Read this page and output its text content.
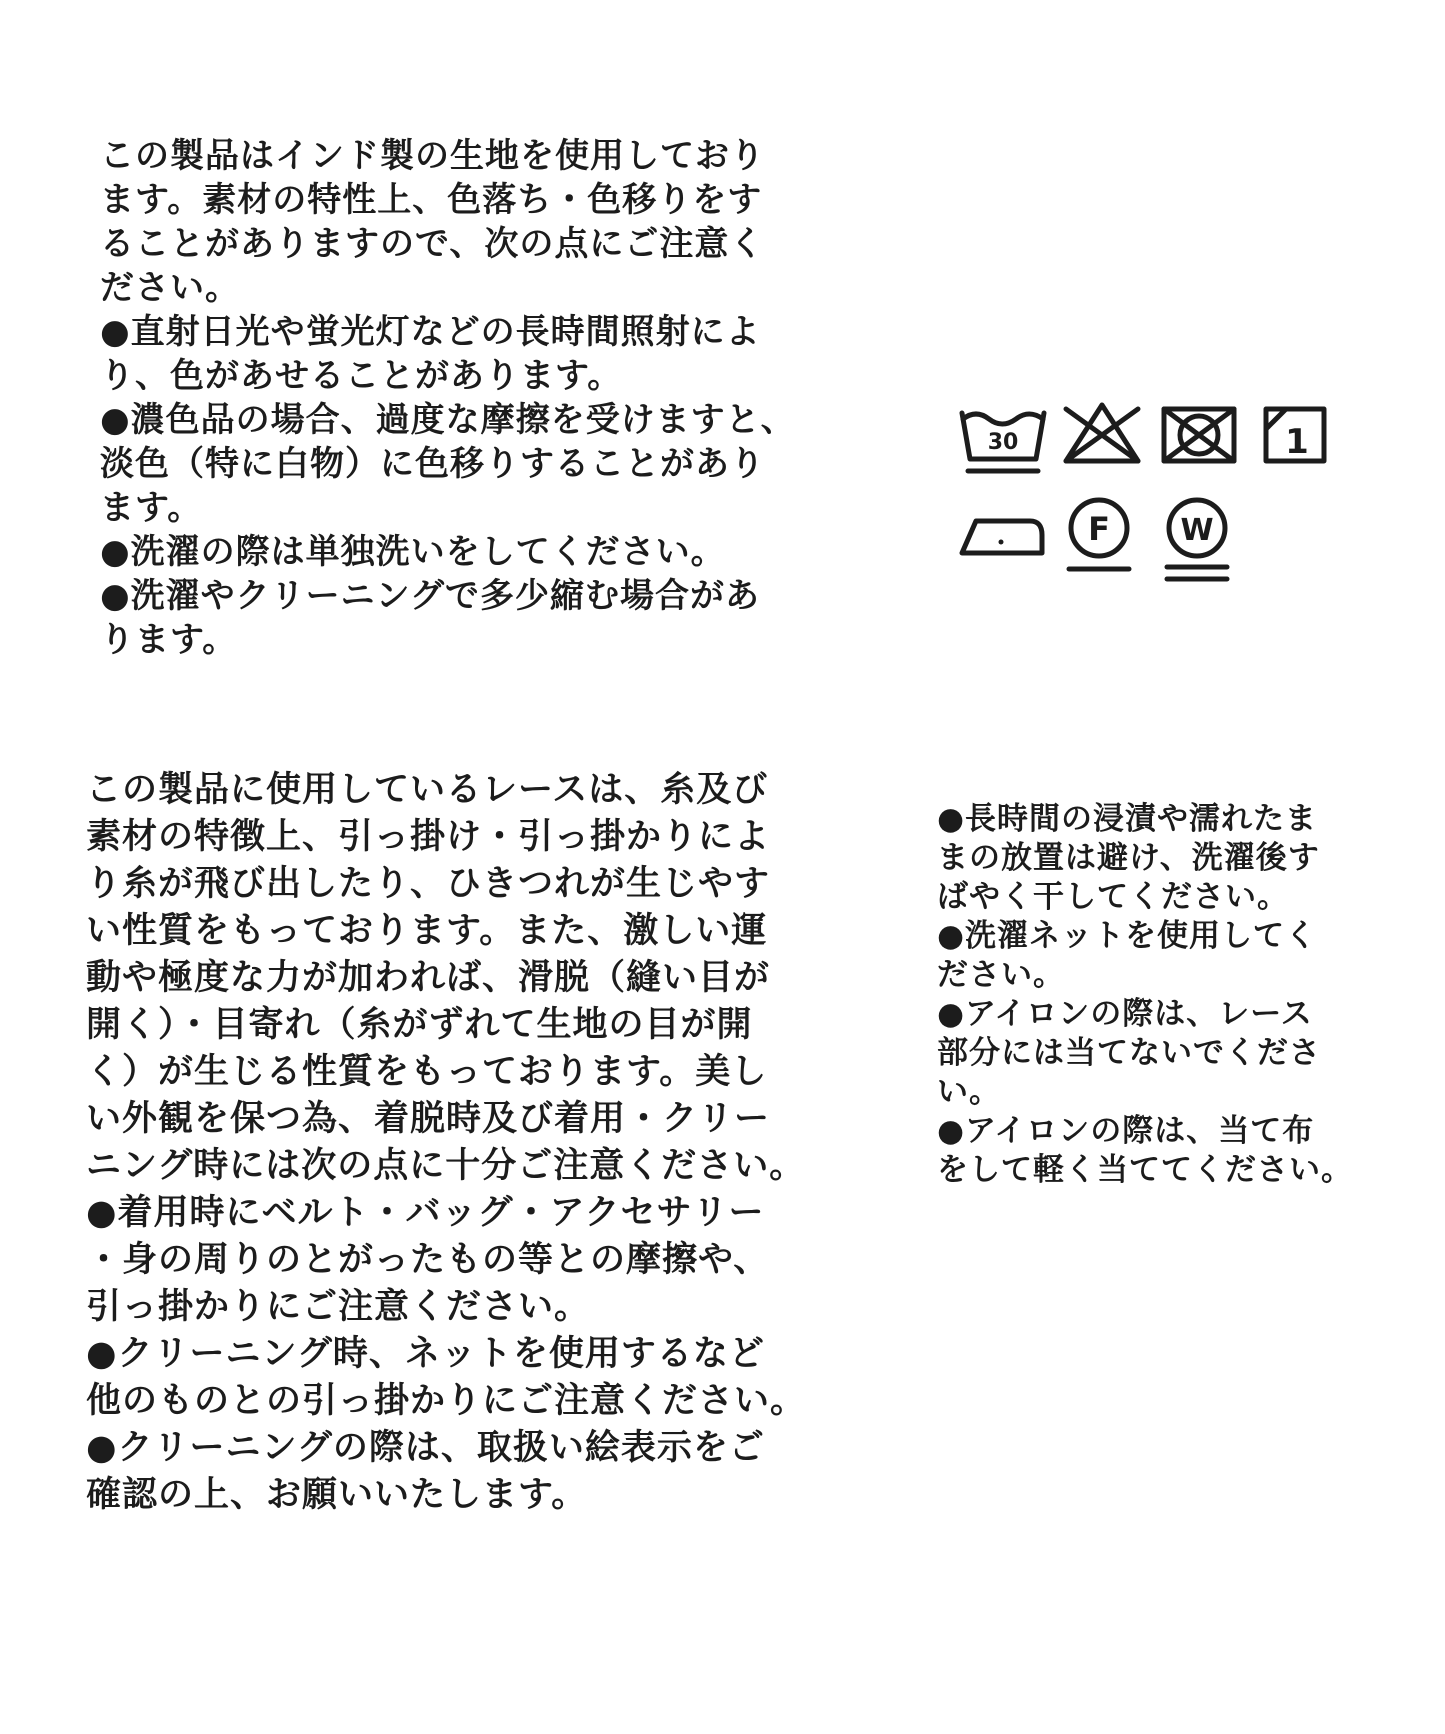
この製品はインド製の生地を使用しており
ます。素材の特性上、色落ち・色移りをす
ることがありますので、次の点にご注意く
ださい。
●直射日光や蛍光灯などの長時間照射によ
り、色があせることがあります。
●濃色品の場合、過度な摩擦を受けますと、
淡色（特に白物）に色移りすることがあり
ます。
●洗濯の際は単独洗いをしてください。
●洗濯やクリーニングで多少縮む場合があ
ります。
30	1
F W
この製品に使用しているレースは、糸及び
素材の特徴上、引っ掛け・引っ掛かりによ
り糸が飛び出したり、ひきつれが生じやす
い性質をもっております。また、激しい運
動や極度な力が加われば、滑脱（縫い目が
開く）・目寄れ（糸がずれて生地の目が開
く）が生じる性質をもっております。美し
い外観を保つ為、着脱時及び着用・クリー
ニング時には次の点に十分ご注意ください。
●着用時にベルト・バッグ・アクセサリー
・身の周りのとがったもの等との摩擦や、
引っ掛かりにご注意ください。
●クリーニング時、ネットを使用するなど
他のものとの引っ掛かりにご注意ください。
●クリーニングの際は、取扱い絵表示をご
確認の上、お願いいたします。
●長時間の浸漬や濡れたま
まの放置は避け、洗濯後す
ばやく干してください。
●洗濯ネットを使用してく
ださい。
●アイロンの際は、レース
部分には当てないでくださ
い。
●アイロンの際は、当て布
をして軽く当ててください。
